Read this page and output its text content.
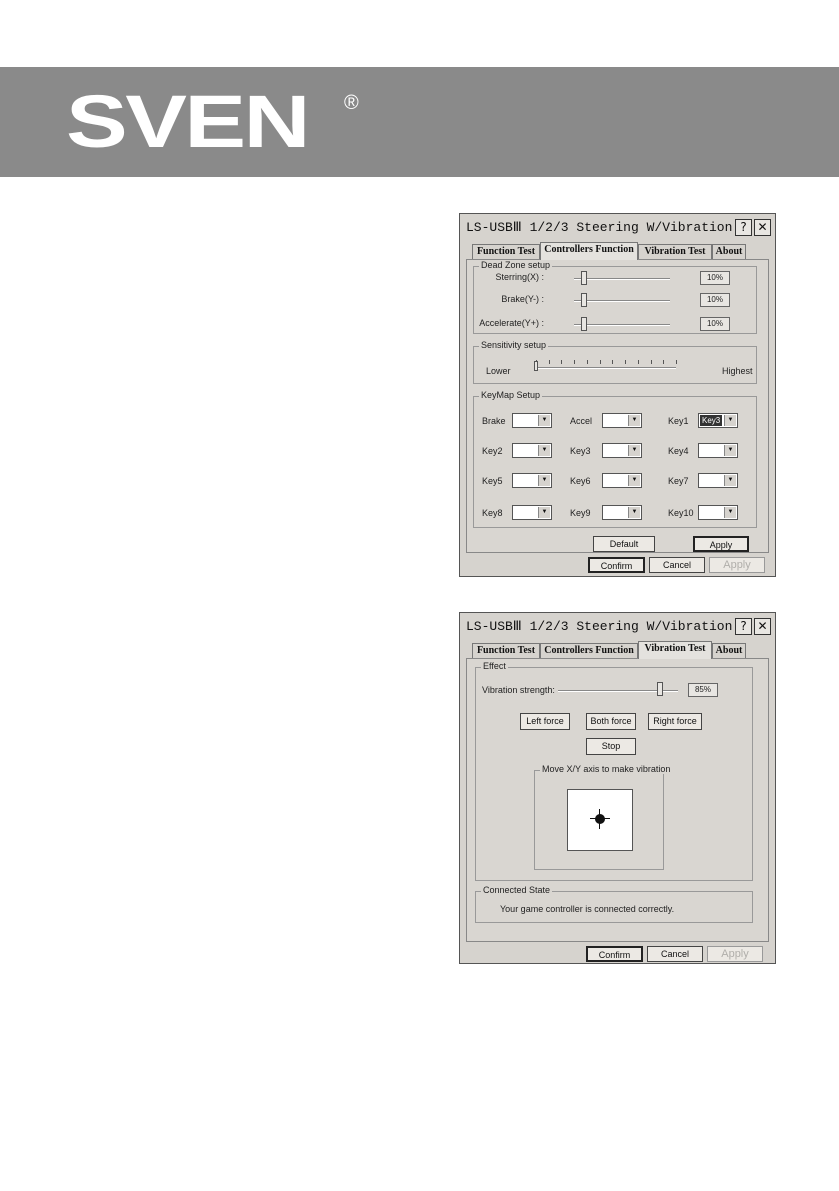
SVEN ®
LS-USBⅢ 1/2/3 Steering W/Vibration ? ✕
Function Test Controllers Function	Vibration Test	About
Dead Zone setup
Sterring(X) :	10%
Brake(Y-) :	10%
Accelerate(Y+) :	10%
Sensitivity setup
Lower	Highest
KeyMap Setup
Brake	▼	Accel	▼	Key1 Key3	▼
Key2	▼	Key3	▼	Key4	▼
Key5	▼	Key6	▼	Key7	▼
Key8	▼	Key9	▼	Key10	▼
Default	Apply
Confirm	Cancel	Apply
LS-USBⅢ 1/2/3 Steering W/Vibration ? ✕
Function Test Controllers Function	Vibration Test	About
Effect
Vibration strength:	85%
Left force	Both force	Right force
Stop
Move X/Y axis to make vibration
Connected State
Your game controller is connected correctly.
Confirm	Cancel	Apply
